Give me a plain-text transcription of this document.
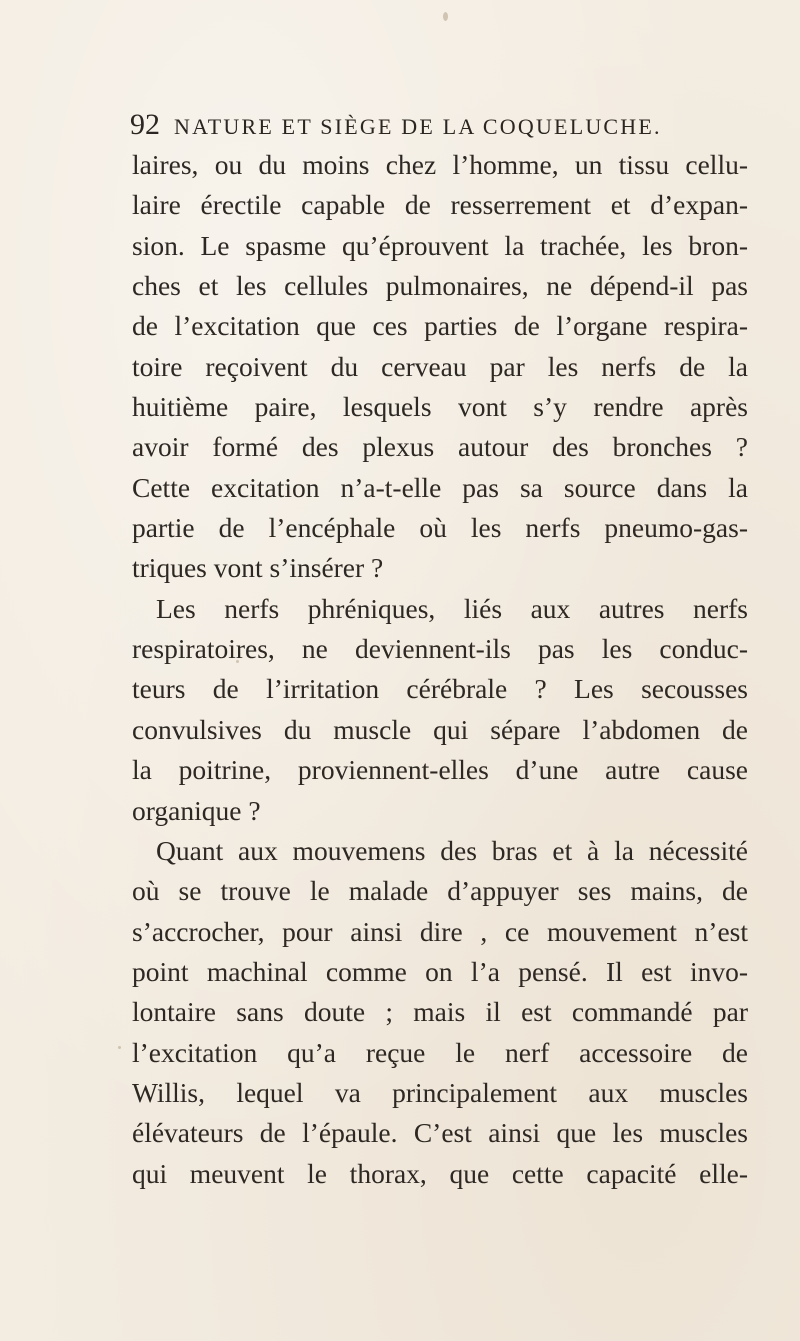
92 NATURE ET SIÈGE DE LA COQUELUCHE.
laires, ou du moins chez l’homme, un tissu cellu-
laire érectile capable de resserrement et d’expan-
sion. Le spasme qu’éprouvent la trachée, les bron-
ches et les cellules pulmonaires, ne dépend-il pas
de l’excitation que ces parties de l’organe respira-
toire reçoivent du cerveau par les nerfs de la
huitième paire, lesquels vont s’y rendre après
avoir formé des plexus autour des bronches ?
Cette excitation n’a-t-elle pas sa source dans la
partie de l’encéphale où les nerfs pneumo-gas-
triques vont s’insérer ?
Les nerfs phréniques, liés aux autres nerfs
respiratoires, ne deviennent-ils pas les conduc-
teurs de l’irritation cérébrale ? Les secousses
convulsives du muscle qui sépare l’abdomen de
la poitrine, proviennent-elles d’une autre cause
organique ?
Quant aux mouvemens des bras et à la nécessité
où se trouve le malade d’appuyer ses mains, de
s’accrocher, pour ainsi dire , ce mouvement n’est
point machinal comme on l’a pensé. Il est invo-
lontaire sans doute ; mais il est commandé par
l’excitation qu’a reçue le nerf accessoire de
Willis, lequel va principalement aux muscles
élévateurs de l’épaule. C’est ainsi que les muscles
qui meuvent le thorax, que cette capacité elle-
